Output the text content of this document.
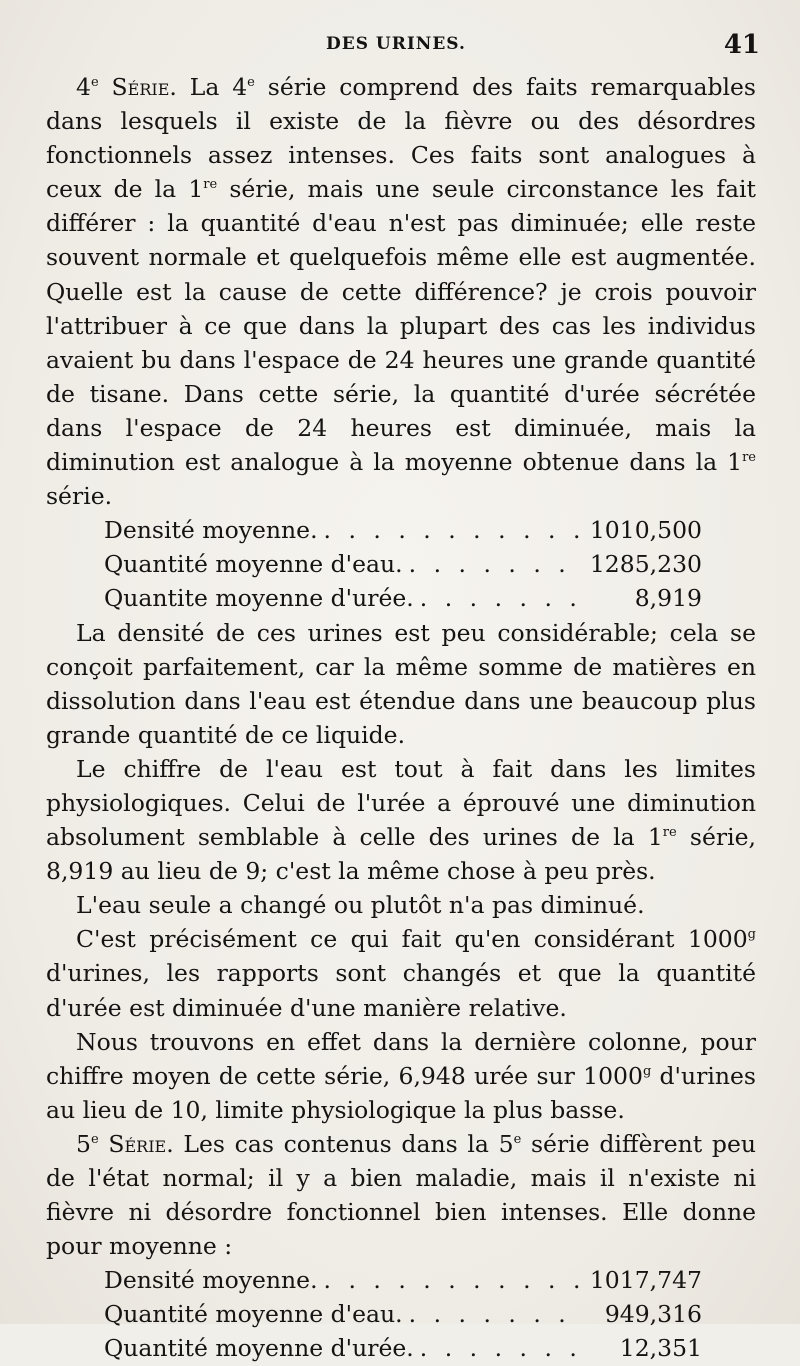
DES URINES.	41

4e Série. La 4e série comprend des faits remarquables dans lesquels il existe de la fièvre ou des désordres fonctionnels assez intenses. Ces faits sont analogues à ceux de la 1re série, mais une seule circonstance les fait différer : la quantité d'eau n'est pas diminuée; elle reste souvent normale et quelquefois même elle est augmentée. Quelle est la cause de cette différence? je crois pouvoir l'attribuer à ce que dans la plupart des cas les individus avaient bu dans l'espace de 24 heures une grande quantité de tisane. Dans cette série, la quantité d'urée sécrétée dans l'espace de 24 heures est diminuée, mais la diminution est analogue à la moyenne obtenue dans la 1re série.

Densité moyenne. . . .	1010,500
Quantité moyenne d'eau. . . .	1285,230
Quantite moyenne d'urée. . . .	8,919

La densité de ces urines est peu considérable; cela se conçoit parfaitement, car la même somme de matières en dissolution dans l'eau est étendue dans une beaucoup plus grande quantité de ce liquide.

Le chiffre de l'eau est tout à fait dans les limites physiologiques. Celui de l'urée a éprouvé une diminution absolument semblable à celle des urines de la 1re série, 8,919 au lieu de 9; c'est la même chose à peu près.

L'eau seule a changé ou plutôt n'a pas diminué.

C'est précisément ce qui fait qu'en considérant 1000$^g$ d'urines, les rapports sont changés et que la quantité d'urée est diminuée d'une manière relative.

Nous trouvons en effet dans la dernière colonne, pour chiffre moyen de cette série, 6,948 urée sur 1000$^g$ d'urines au lieu de 10, limite physiologique la plus basse.

5e Série. Les cas contenus dans la 5e série diffèrent peu de l'état normal; il y a bien maladie, mais il n'existe ni fièvre ni désordre fonctionnel bien intenses. Elle donne pour moyenne :

Densité moyenne. . . .	1017,747
Quantité moyenne d'eau. . . .	949,316
Quantité moyenne d'urée. . . .	12,351
